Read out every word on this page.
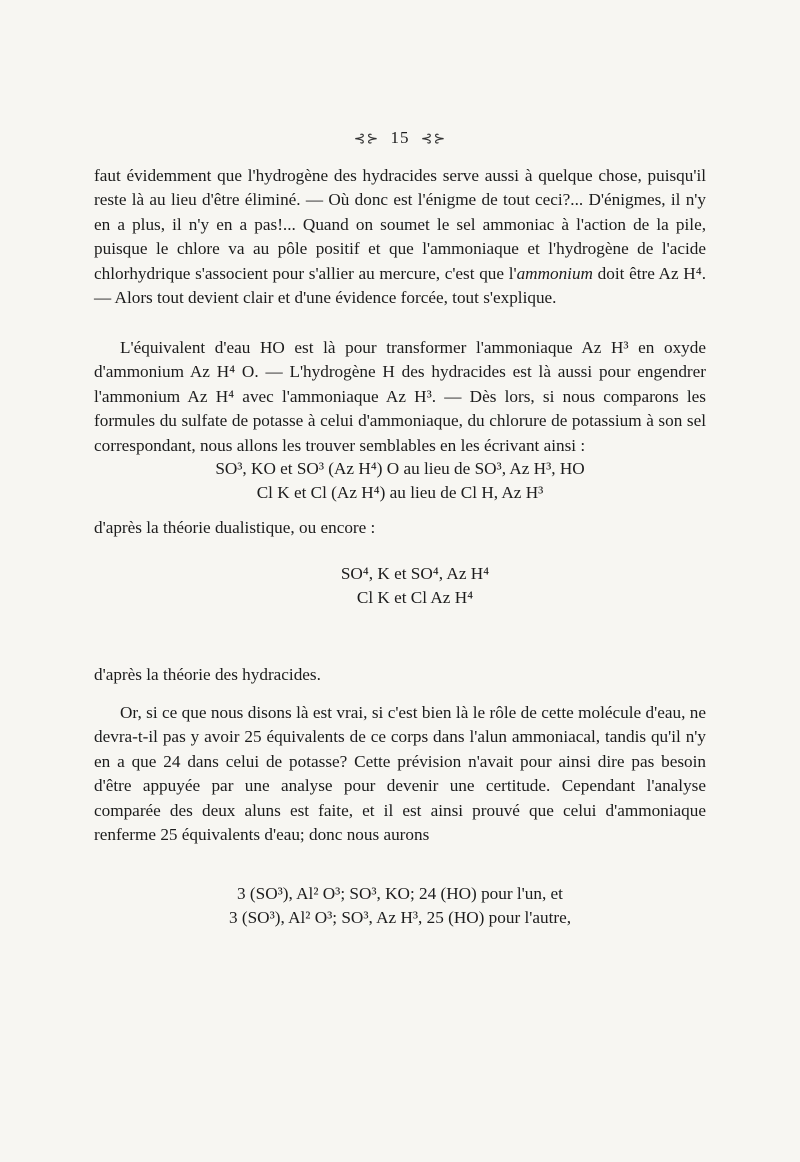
⊰⊱ 15 ⊰⊱
faut évidemment que l'hydrogène des hydracides serve aussi à quelque chose, puisqu'il reste là au lieu d'être éliminé. — Où donc est l'énigme de tout ceci?... D'énigmes, il n'y en a plus, il n'y en a pas!... Quand on soumet le sel ammoniac à l'action de la pile, puisque le chlore va au pôle positif et que l'ammoniaque et l'hydrogène de l'acide chlorhydrique s'associent pour s'allier au mercure, c'est que l'ammonium doit être Az H⁴. — Alors tout devient clair et d'une évidence forcée, tout s'explique.
L'équivalent d'eau HO est là pour transformer l'ammoniaque Az H³ en oxyde d'ammonium Az H⁴ O. — L'hydrogène H des hydracides est là aussi pour engendrer l'ammonium Az H⁴ avec l'ammoniaque Az H³. — Dès lors, si nous comparons les formules du sulfate de potasse à celui d'ammoniaque, du chlorure de potassium à son sel correspondant, nous allons les trouver semblables en les écrivant ainsi :
SO³, KO et SO³ (Az H⁴) O au lieu de SO³, Az H³, HO
Cl K et Cl (Az H⁴) au lieu de Cl H, Az H³
d'après la théorie dualistique, ou encore :
SO⁴, K et SO⁴, Az H⁴
Cl K et Cl Az H⁴
d'après la théorie des hydracides.
Or, si ce que nous disons là est vrai, si c'est bien là le rôle de cette molécule d'eau, ne devra-t-il pas y avoir 25 équivalents de ce corps dans l'alun ammoniacal, tandis qu'il n'y en a que 24 dans celui de potasse? Cette prévision n'avait pour ainsi dire pas besoin d'être appuyée par une analyse pour devenir une certitude. Cependant l'analyse comparée des deux aluns est faite, et il est ainsi prouvé que celui d'ammoniaque renferme 25 équivalents d'eau; donc nous aurons
3 (SO³), Al² O³; SO³, KO; 24 (HO) pour l'un, et
3 (SO³), Al² O³; SO³, Az H³, 25 (HO) pour l'autre,
